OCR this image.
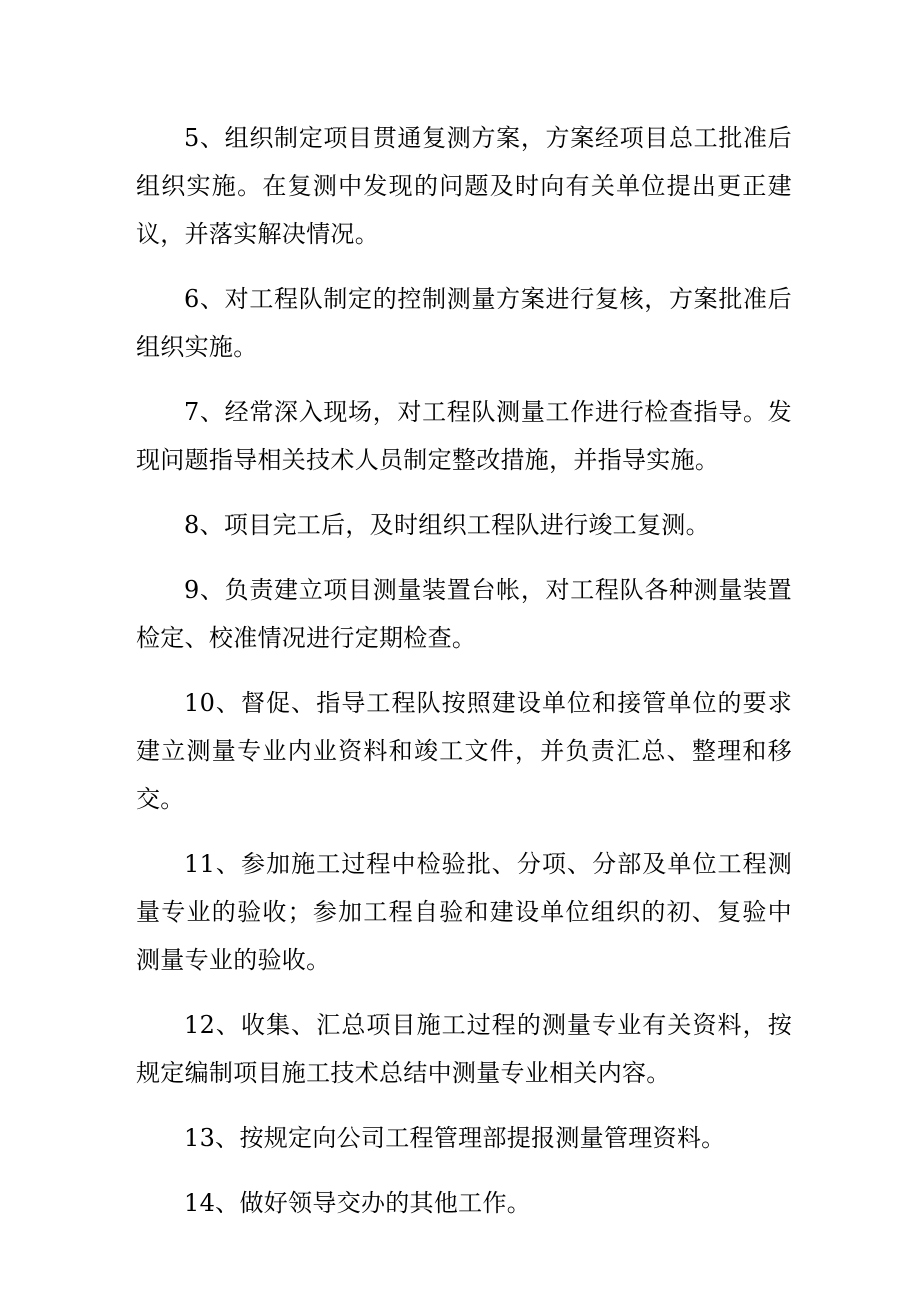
5、组织制定项目贯通复测方案，方案经项目总工批准后组织实施。在复测中发现的问题及时向有关单位提出更正建议，并落实解决情况。

6、对工程队制定的控制测量方案进行复核，方案批准后组织实施。

7、经常深入现场，对工程队测量工作进行检查指导。发现问题指导相关技术人员制定整改措施，并指导实施。

8、项目完工后，及时组织工程队进行竣工复测。

9、负责建立项目测量装置台帐，对工程队各种测量装置检定、校准情况进行定期检查。

10、督促、指导工程队按照建设单位和接管单位的要求建立测量专业内业资料和竣工文件，并负责汇总、整理和移交。

11、参加施工过程中检验批、分项、分部及单位工程测量专业的验收；参加工程自验和建设单位组织的初、复验中测量专业的验收。

12、收集、汇总项目施工过程的测量专业有关资料，按规定编制项目施工技术总结中测量专业相关内容。

13、按规定向公司工程管理部提报测量管理资料。

14、做好领导交办的其他工作。
